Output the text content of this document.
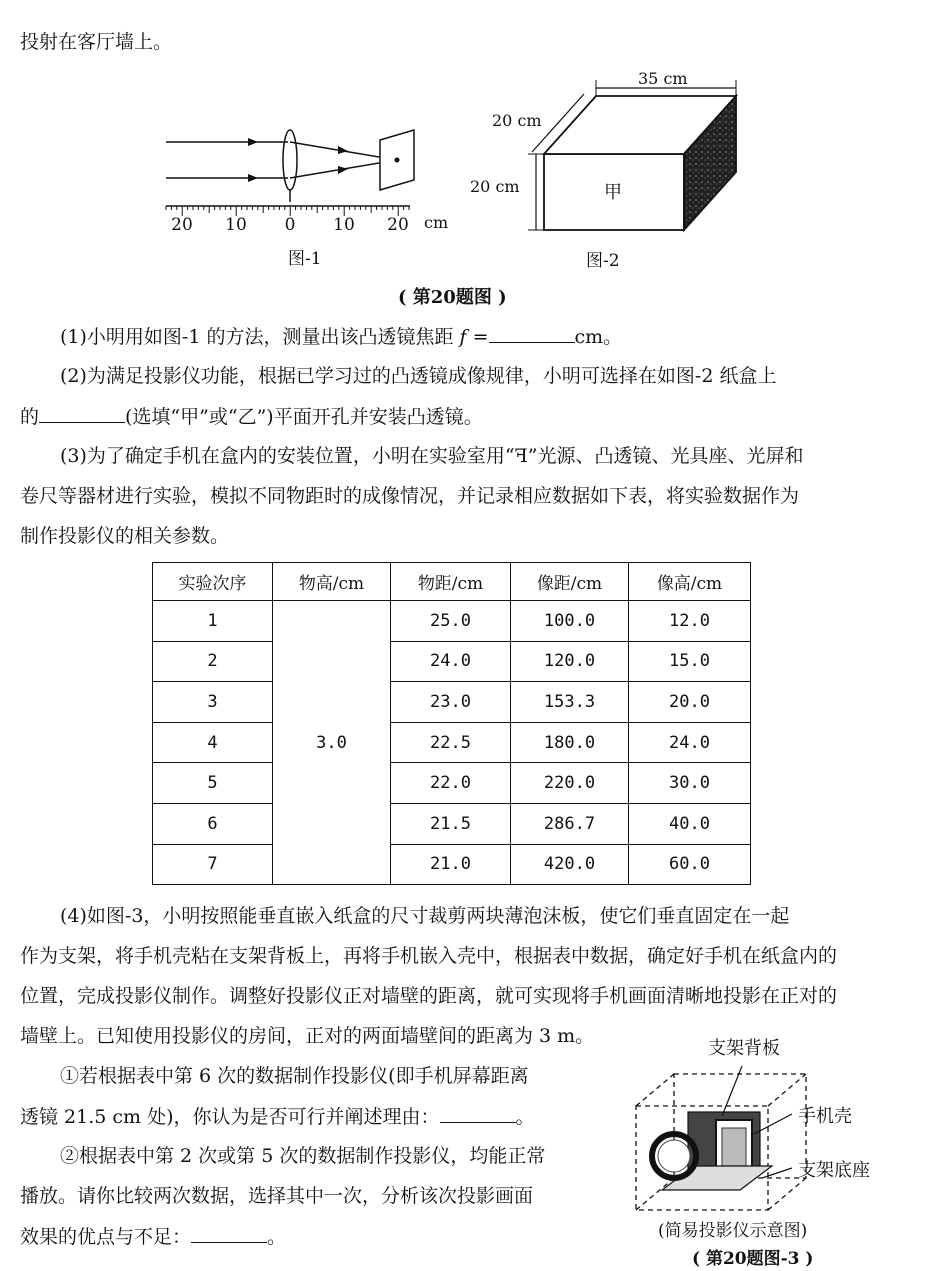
投射在客厅墙上。
20 10 0 10 20 cm
图-1
35 cm
20 cm
20 cm	甲
图-2
( 第20题图 )
(1)小明用如图-1 的方法，测量出该凸透镜焦距 𝑓 =	cm。
(2)为满足投影仪功能，根据已学习过的凸透镜成像规律，小明可选择在如图-2 纸盒上
的	(选填“甲”或“乙”)平面开孔并安装凸透镜。
(3)为了确定手机在盒内的安装位置，小明在实验室用“ꟻ”光源、凸透镜、光具座、光屏和
卷尺等器材进行实验，模拟不同物距时的成像情况，并记录相应数据如下表，将实验数据作为
制作投影仪的相关参数。
实验次序	物高/cm	物距/cm	像距/cm	像高/cm
1	3.0	25.0	100.0	12.0
2		24.0	120.0	15.0
3		23.0	153.3	20.0
4		22.5	180.0	24.0
5		22.0	220.0	30.0
6		21.5	286.7	40.0
7		21.0	420.0	60.0
(4)如图-3，小明按照能垂直嵌入纸盒的尺寸裁剪两块薄泡沫板，使它们垂直固定在一起
作为支架，将手机壳粘在支架背板上，再将手机嵌入壳中，根据表中数据，确定好手机在纸盒内的
位置，完成投影仪制作。调整好投影仪正对墙壁的距离，就可实现将手机画面清晰地投影在正对的
墙壁上。已知使用投影仪的房间，正对的两面墙壁间的距离为 3 m。
①若根据表中第 6 次的数据制作投影仪(即手机屏幕距离
透镜 21.5 cm 处)，你认为是否可行并阐述理由：	。
②根据表中第 2 次或第 5 次的数据制作投影仪，均能正常
播放。请你比较两次数据，选择其中一次，分析该次投影画面
效果的优点与不足：	。
支架背板
手机壳
支架底座
(简易投影仪示意图)
( 第20题图-3 )
